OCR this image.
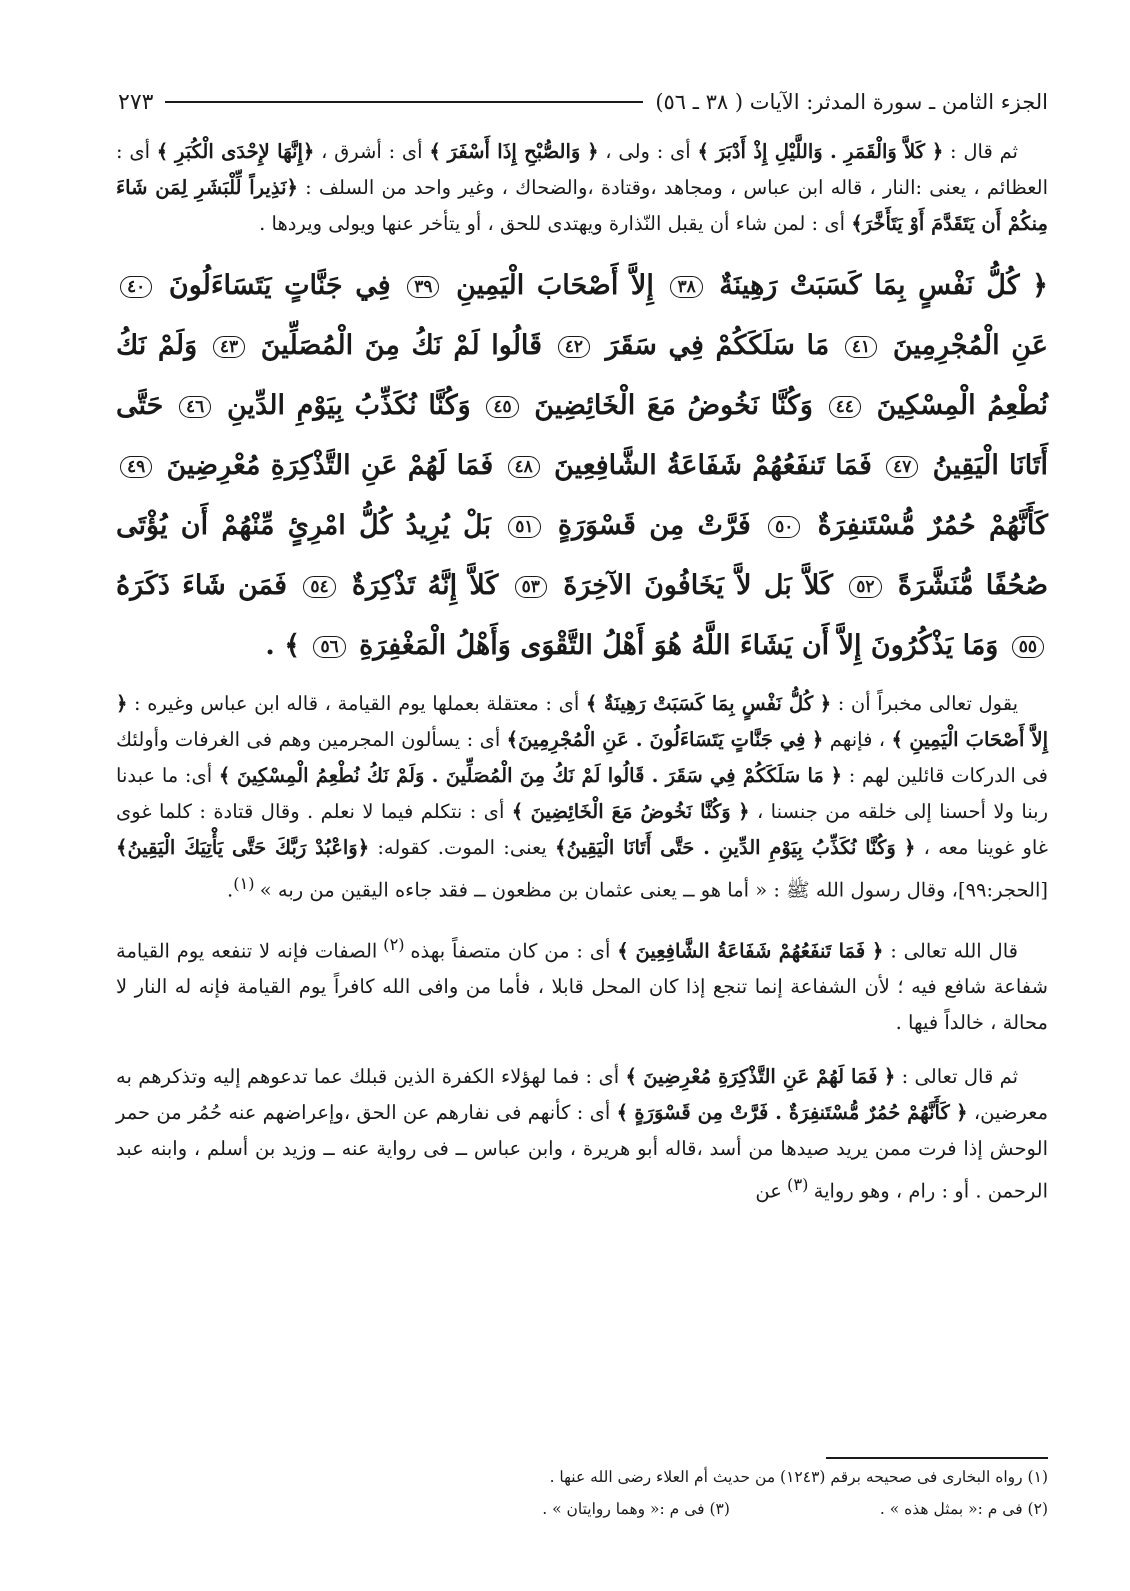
الجزء الثامن ـ سورة المدثر: الآيات ( ٣٨ ـ ٥٦)
٢٧٣

ثم قال : ﴿ كَلاَّ وَالْقَمَرِ . وَاللَّيْلِ إِذْ أَدْبَرَ ﴾ أى : ولى ، ﴿ وَالصُّبْحِ إِذَا أَسْفَرَ ﴾ أى : أشرق ، ﴿إِنَّهَا لإِحْدَى الْكُبَرِ ﴾ أى : العظائم ، يعنى :النار ، قاله ابن عباس ، ومجاهد ،وقتادة ،والضحاك ، وغير واحد من السلف : ﴿نَذِيراً لِّلْبَشَرِ لِمَن شَاءَ مِنكُمْ أَن يَتَقَدَّمَ أَوْ يَتَأَخَّرَ﴾ أى : لمن شاء أن يقبل النّذارة ويهتدى للحق ، أو يتأخر عنها ويولى ويردها .

﴿ كُلُّ نَفْسٍ بِمَا كَسَبَتْ رَهِينَةٌ ٣٨ إِلاَّ أَصْحَابَ الْيَمِينِ ٣٩ فِي جَنَّاتٍ يَتَسَاءَلُونَ ٤٠ عَنِ الْمُجْرِمِينَ ٤١ مَا سَلَكَكُمْ فِي سَقَرَ ٤٢ قَالُوا لَمْ نَكُ مِنَ الْمُصَلِّينَ ٤٣ وَلَمْ نَكُ نُطْعِمُ الْمِسْكِينَ ٤٤ وَكُنَّا نَخُوضُ مَعَ الْخَائِضِينَ ٤٥ وَكُنَّا نُكَذِّبُ بِيَوْمِ الدِّينِ ٤٦ حَتَّى أَتَانَا الْيَقِينُ ٤٧ فَمَا تَنفَعُهُمْ شَفَاعَةُ الشَّافِعِينَ ٤٨ فَمَا لَهُمْ عَنِ التَّذْكِرَةِ مُعْرِضِينَ ٤٩ كَأَنَّهُمْ حُمُرٌ مُّسْتَنفِرَةٌ ٥٠ فَرَّتْ مِن قَسْوَرَةٍ ٥١ بَلْ يُرِيدُ كُلُّ امْرِئٍ مِّنْهُمْ أَن يُؤْتَى صُحُفًا مُّنَشَّرَةً ٥٢ كَلاَّ بَل لاَّ يَخَافُونَ الآخِرَةَ ٥٣ كَلاَّ إِنَّهُ تَذْكِرَةٌ ٥٤ فَمَن شَاءَ ذَكَرَهُ ٥٥ وَمَا يَذْكُرُونَ إِلاَّ أَن يَشَاءَ اللَّهُ هُوَ أَهْلُ التَّقْوَى وَأَهْلُ الْمَغْفِرَةِ ٥٦ ﴾ .

يقول تعالى مخبراً أن : ﴿ كُلُّ نَفْسٍ بِمَا كَسَبَتْ رَهِينَةٌ ﴾ أى : معتقلة بعملها يوم القيامة ، قاله ابن عباس وغيره : ﴿ إِلاَّ أَصْحَابَ الْيَمِينِ ﴾ ، فإنهم ﴿ فِي جَنَّاتٍ يَتَسَاءَلُونَ . عَنِ الْمُجْرِمِينَ﴾ أى : يسألون المجرمين وهم فى الغرفات وأولئك فى الدركات قائلين لهم : ﴿ مَا سَلَكَكُمْ فِي سَقَرَ . قَالُوا لَمْ نَكُ مِنَ الْمُصَلِّينَ . وَلَمْ نَكُ نُطْعِمُ الْمِسْكِينَ ﴾ أى: ما عبدنا ربنا ولا أحسنا إلى خلقه من جنسنا ، ﴿ وَكُنَّا نَخُوضُ مَعَ الْخَائِضِينَ ﴾ أى : نتكلم فيما لا نعلم . وقال قتادة : كلما غوى غاو غوينا معه ، ﴿ وَكُنَّا نُكَذِّبُ بِيَوْمِ الدِّينِ . حَتَّى أَتَانَا الْيَقِينُ﴾ يعنى: الموت. كقوله: ﴿وَاعْبُدْ رَبَّكَ حَتَّى يَأْتِيَكَ الْيَقِينُ﴾ [الحجر:٩٩]، وقال رسول الله ﷺ : « أما هو ــ يعنى عثمان بن مظعون ــ فقد جاءه اليقين من ربه » $^{(١)}$.

قال الله تعالى : ﴿ فَمَا تَنفَعُهُمْ شَفَاعَةُ الشَّافِعِينَ ﴾ أى : من كان متصفاً بهذه $^{(٢)}$ الصفات فإنه لا تنفعه يوم القيامة شفاعة شافع فيه ؛ لأن الشفاعة إنما تنجع إذا كان المحل قابلا ، فأما من وافى الله كافراً يوم القيامة فإنه له النار لا محالة ، خالداً فيها .

ثم قال تعالى : ﴿ فَمَا لَهُمْ عَنِ التَّذْكِرَةِ مُعْرِضِينَ ﴾ أى : فما لهؤلاء الكفرة الذين قبلك عما تدعوهم إليه وتذكرهم به معرضين، ﴿ كَأَنَّهُمْ حُمُرٌ مُّسْتَنفِرَةٌ . فَرَّتْ مِن قَسْوَرَةٍ ﴾ أى : كأنهم فى نفارهم عن الحق ،وإعراضهم عنه حُمُر من حمر الوحش إذا فرت ممن يريد صيدها من أسد ،قاله أبو هريرة ، وابن عباس ــ فى رواية عنه ــ وزيد بن أسلم ، وابنه عبد الرحمن . أو : رام ، وهو رواية $^{(٣)}$ عن

(١) رواه البخارى فى صحيحه برقم (١٢٤٣) من حديث أم العلاء رضى الله عنها .
(٢) فى م :« بمثل هذه » .
(٣) فى م :« وهما روايتان » .
